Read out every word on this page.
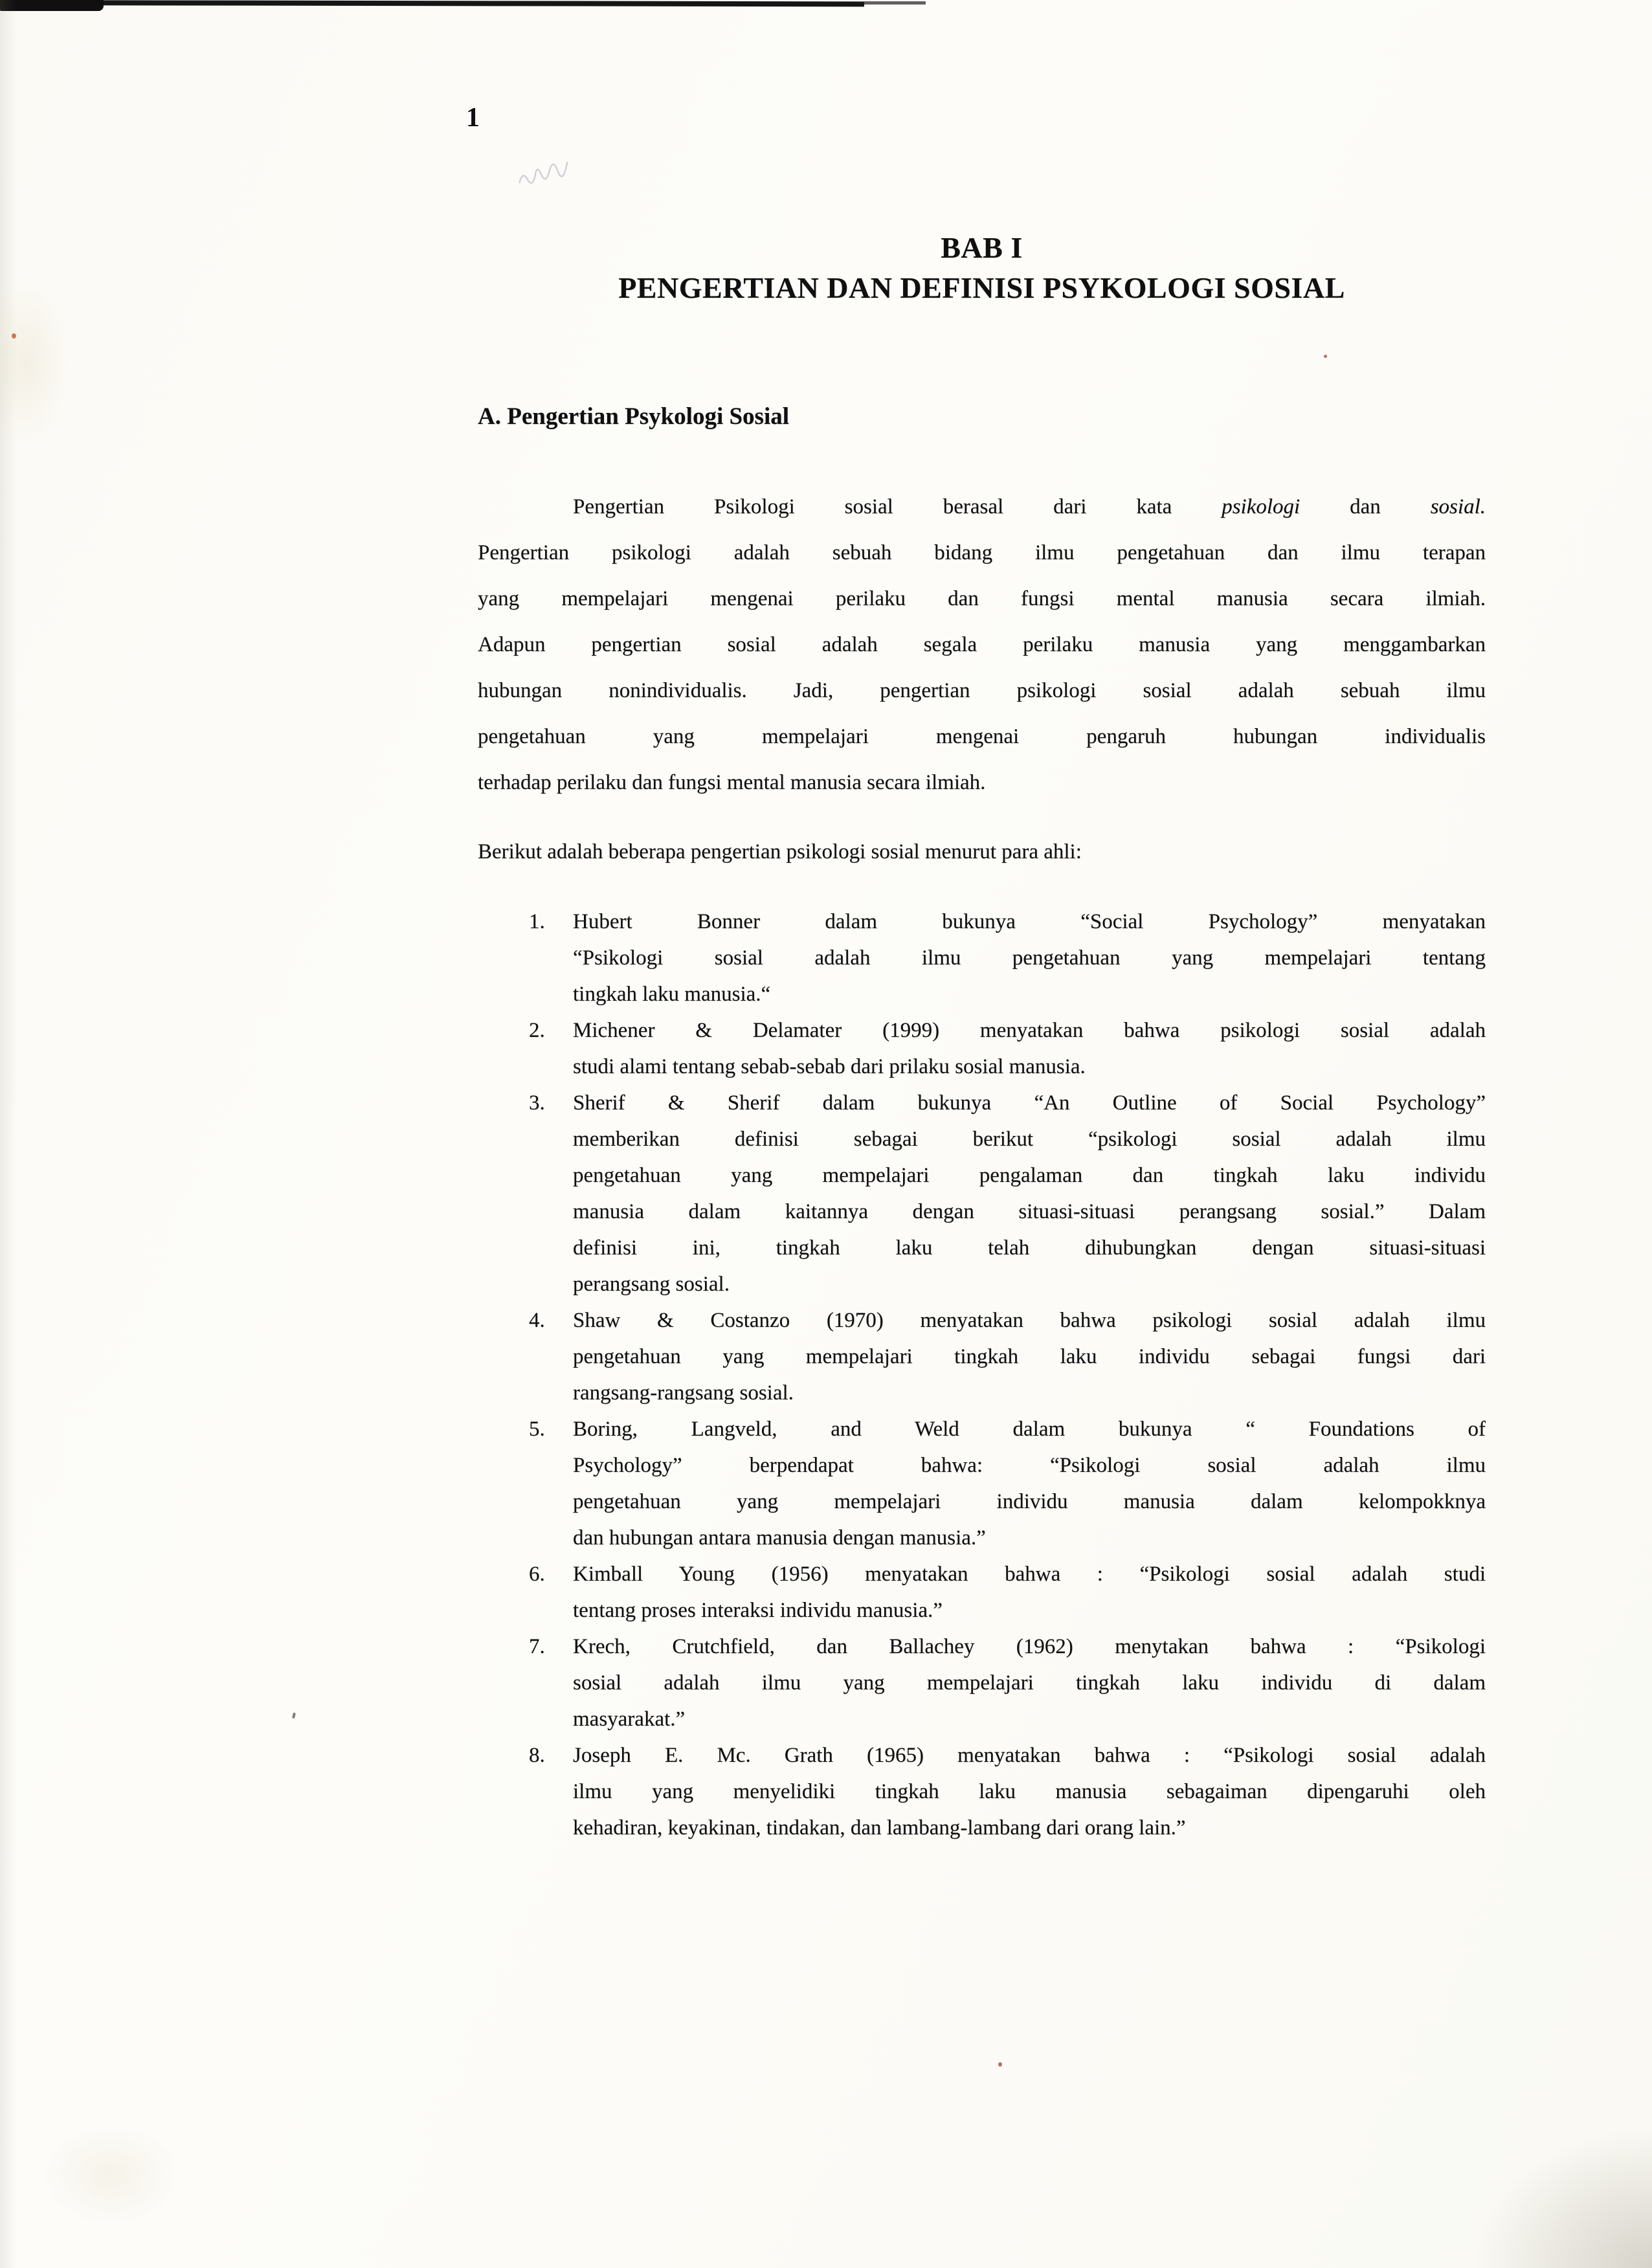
1
BAB I
PENGERTIAN DAN DEFINISI PSYKOLOGI SOSIAL
A. Pengertian Psykologi Sosial
Pengertian Psikologi sosial berasal dari kata psikologi dan sosial.
Pengertian psikologi adalah sebuah bidang ilmu pengetahuan dan ilmu terapan
yang mempelajari mengenai perilaku dan fungsi mental manusia secara ilmiah.
Adapun pengertian sosial adalah segala perilaku manusia yang menggambarkan
hubungan nonindividualis. Jadi, pengertian psikologi sosial adalah sebuah ilmu
pengetahuan yang mempelajari mengenai pengaruh hubungan individualis
terhadap perilaku dan fungsi mental manusia secara ilmiah.
Berikut adalah beberapa pengertian psikologi sosial menurut para ahli:
1.	Hubert Bonner dalam bukunya “Social Psychology” menyatakan
“Psikologi sosial adalah ilmu pengetahuan yang mempelajari tentang
tingkah laku manusia.“
2.	Michener & Delamater (1999) menyatakan bahwa psikologi sosial adalah
studi alami tentang sebab-sebab dari prilaku sosial manusia.
3.	Sherif & Sherif dalam bukunya “An Outline of Social Psychology”
memberikan definisi sebagai berikut “psikologi sosial adalah ilmu
pengetahuan yang mempelajari pengalaman dan tingkah laku individu
manusia dalam kaitannya dengan situasi-situasi perangsang sosial.” Dalam
definisi ini, tingkah laku telah dihubungkan dengan situasi-situasi
perangsang sosial.
4.	Shaw & Costanzo (1970) menyatakan bahwa psikologi sosial adalah ilmu
pengetahuan yang mempelajari tingkah laku individu sebagai fungsi dari
rangsang-rangsang sosial.
5.	Boring, Langveld, and Weld dalam bukunya “ Foundations of
Psychology” berpendapat bahwa: “Psikologi sosial adalah ilmu
pengetahuan yang mempelajari individu manusia dalam kelompokknya
dan hubungan antara manusia dengan manusia.”
6.	Kimball Young (1956) menyatakan bahwa : “Psikologi sosial adalah studi
tentang proses interaksi individu manusia.”
7.	Krech, Crutchfield, dan Ballachey (1962) menytakan bahwa : “Psikologi
sosial adalah ilmu yang mempelajari tingkah laku individu di dalam
masyarakat.”
8.	Joseph E. Mc. Grath (1965) menyatakan bahwa : “Psikologi sosial adalah
ilmu yang menyelidiki tingkah laku manusia sebagaiman dipengaruhi oleh
kehadiran, keyakinan, tindakan, dan lambang-lambang dari orang lain.”
